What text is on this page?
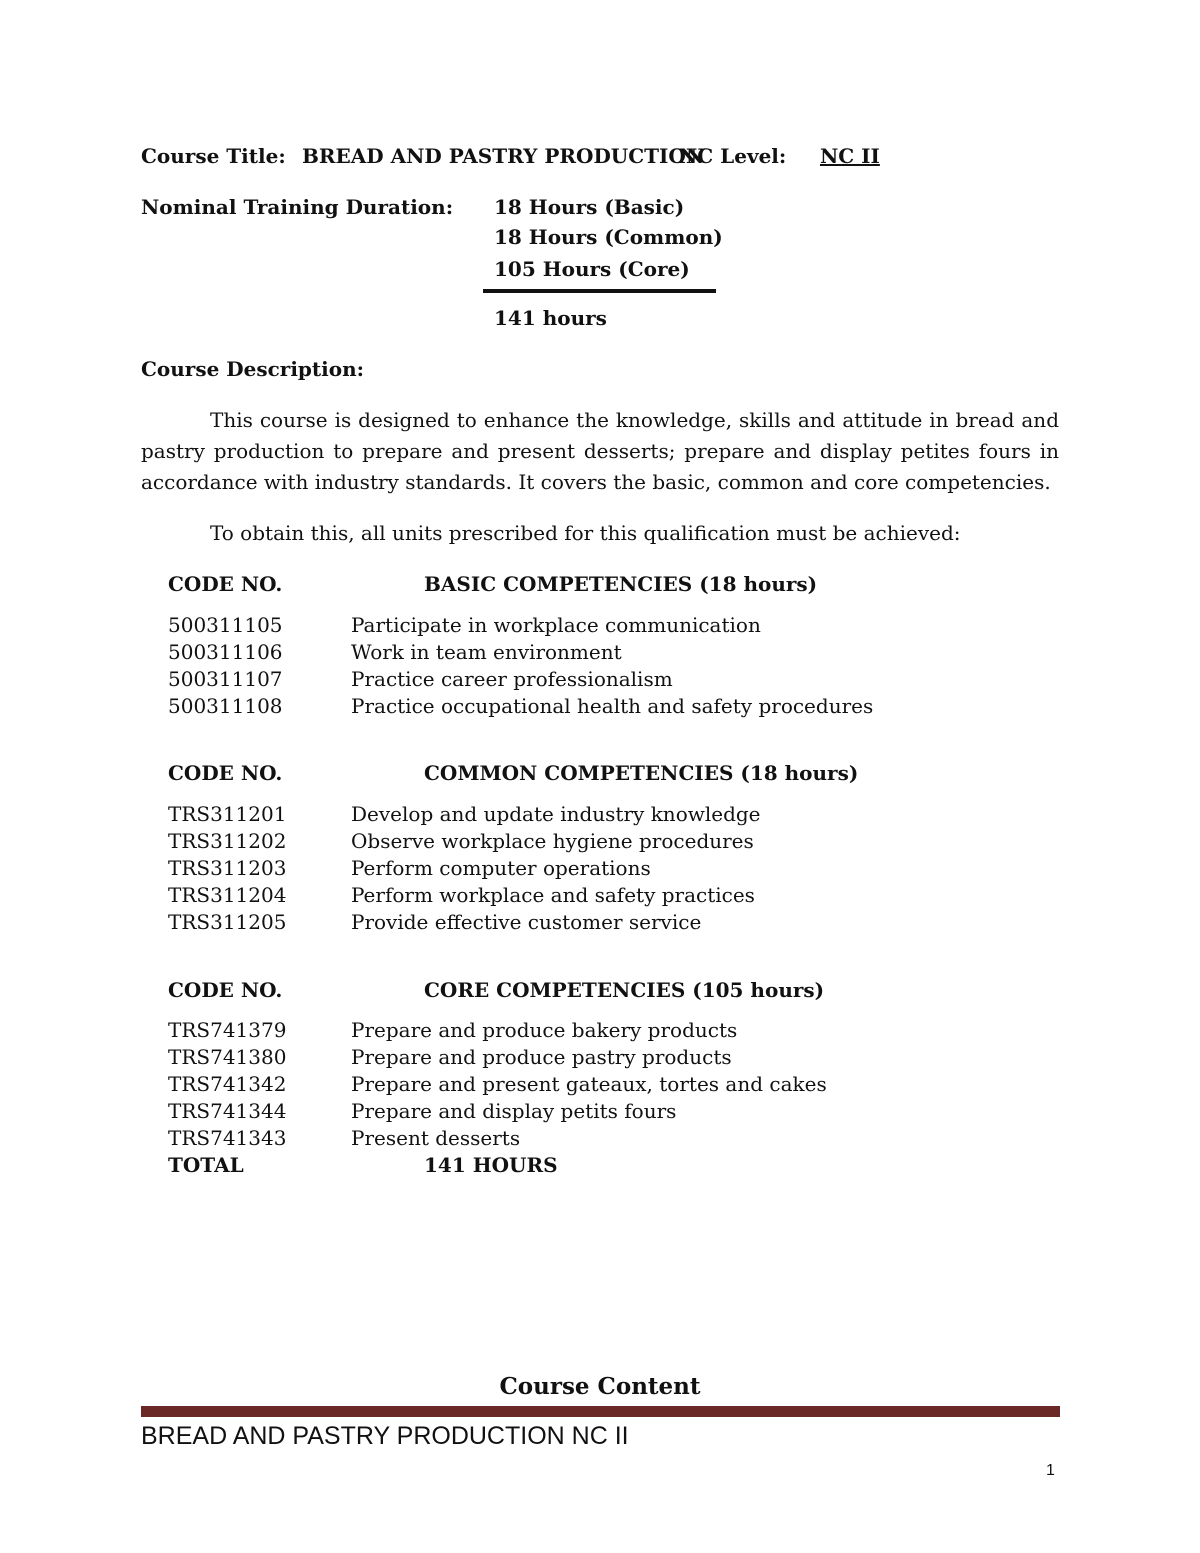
Course Title: BREAD AND PASTRY PRODUCTION
NC Level: NC II
Nominal Training Duration: 18 Hours (Basic)
18 Hours (Common)
105 Hours (Core)
141 hours
Course Description:
This course is designed to enhance the knowledge, skills and attitude in bread and pastry production to prepare and present desserts; prepare and display petites fours in accordance with industry standards. It covers the basic, common and core competencies.
To obtain this, all units prescribed for this qualification must be achieved:
CODE NO.	BASIC COMPETENCIES (18 hours)
500311105	Participate in workplace communication
500311106	Work in team environment
500311107	Practice career professionalism
500311108	Practice occupational health and safety procedures
CODE NO.	COMMON COMPETENCIES (18 hours)
TRS311201	Develop and update industry knowledge
TRS311202	Observe workplace hygiene procedures
TRS311203	Perform computer operations
TRS311204	Perform workplace and safety practices
TRS311205	Provide effective customer service
CODE NO.	CORE COMPETENCIES (105 hours)
TRS741379	Prepare and produce bakery products
TRS741380	Prepare and produce pastry products
TRS741342	Prepare and present gateaux, tortes and cakes
TRS741344	Prepare and display petits fours
TRS741343	Present desserts
TOTAL	141 HOURS
Course Content
BREAD AND PASTRY PRODUCTION NC II
1
